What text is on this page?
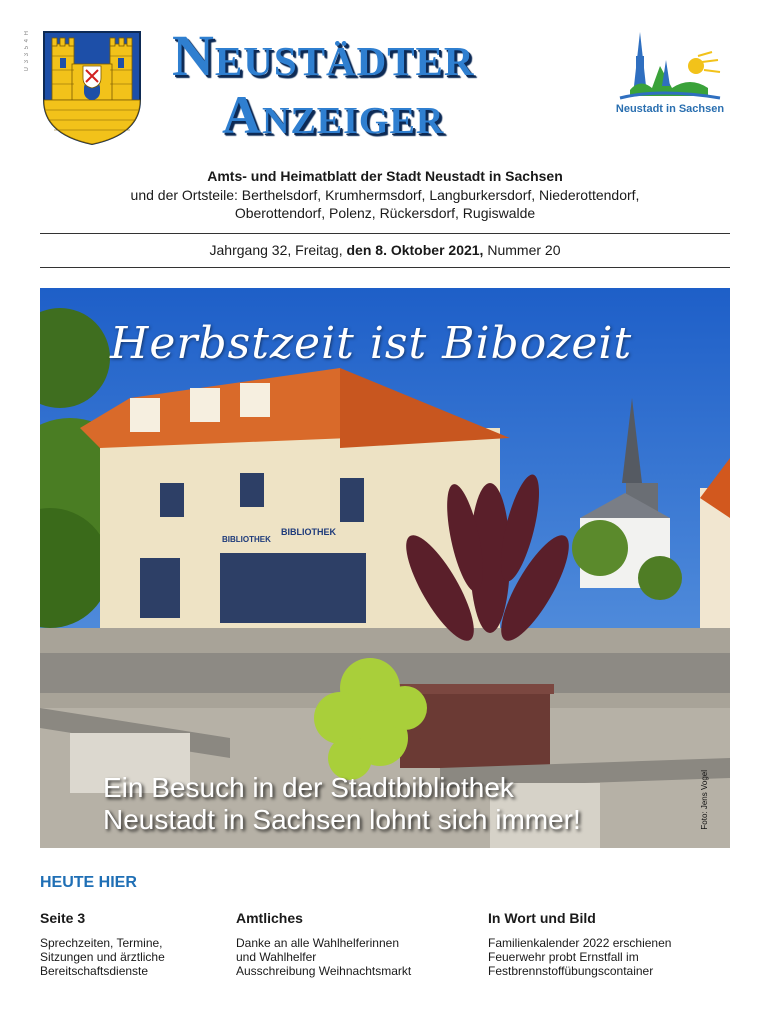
U 3 3 5 4 H Neustädter
Anzeiger	Neustadt in Sachsen
Amts- und Heimatblatt der Stadt Neustadt in Sachsen
und der Ortsteile: Berthelsdorf, Krumhermsdorf, Langburkersdorf, Niederottendorf,
Oberottendorf, Polenz, Rückersdorf, Rugiswalde
Jahrgang 32, Freitag, den 8. Oktober 2021, Nummer 20
BIBLIOTHEK
BIBLIOTHEK
Herbstzeit ist Bibozeit
Ein Besuch in der Stadtbibliothek
Neustadt in Sachsen lohnt sich immer!	Foto: Jens Vogel
HEUTE HIER
Seite 3
Sprechzeiten, Termine,
Sitzungen und ärztliche
Bereitschaftsdienste
Amtliches
Danke an alle Wahlhelferinnen
und Wahlhelfer
Ausschreibung Weihnachtsmarkt
In Wort und Bild
Familienkalender 2022 erschienen
Feuerwehr probt Ernstfall im
Festbrennstoffübungscontainer
